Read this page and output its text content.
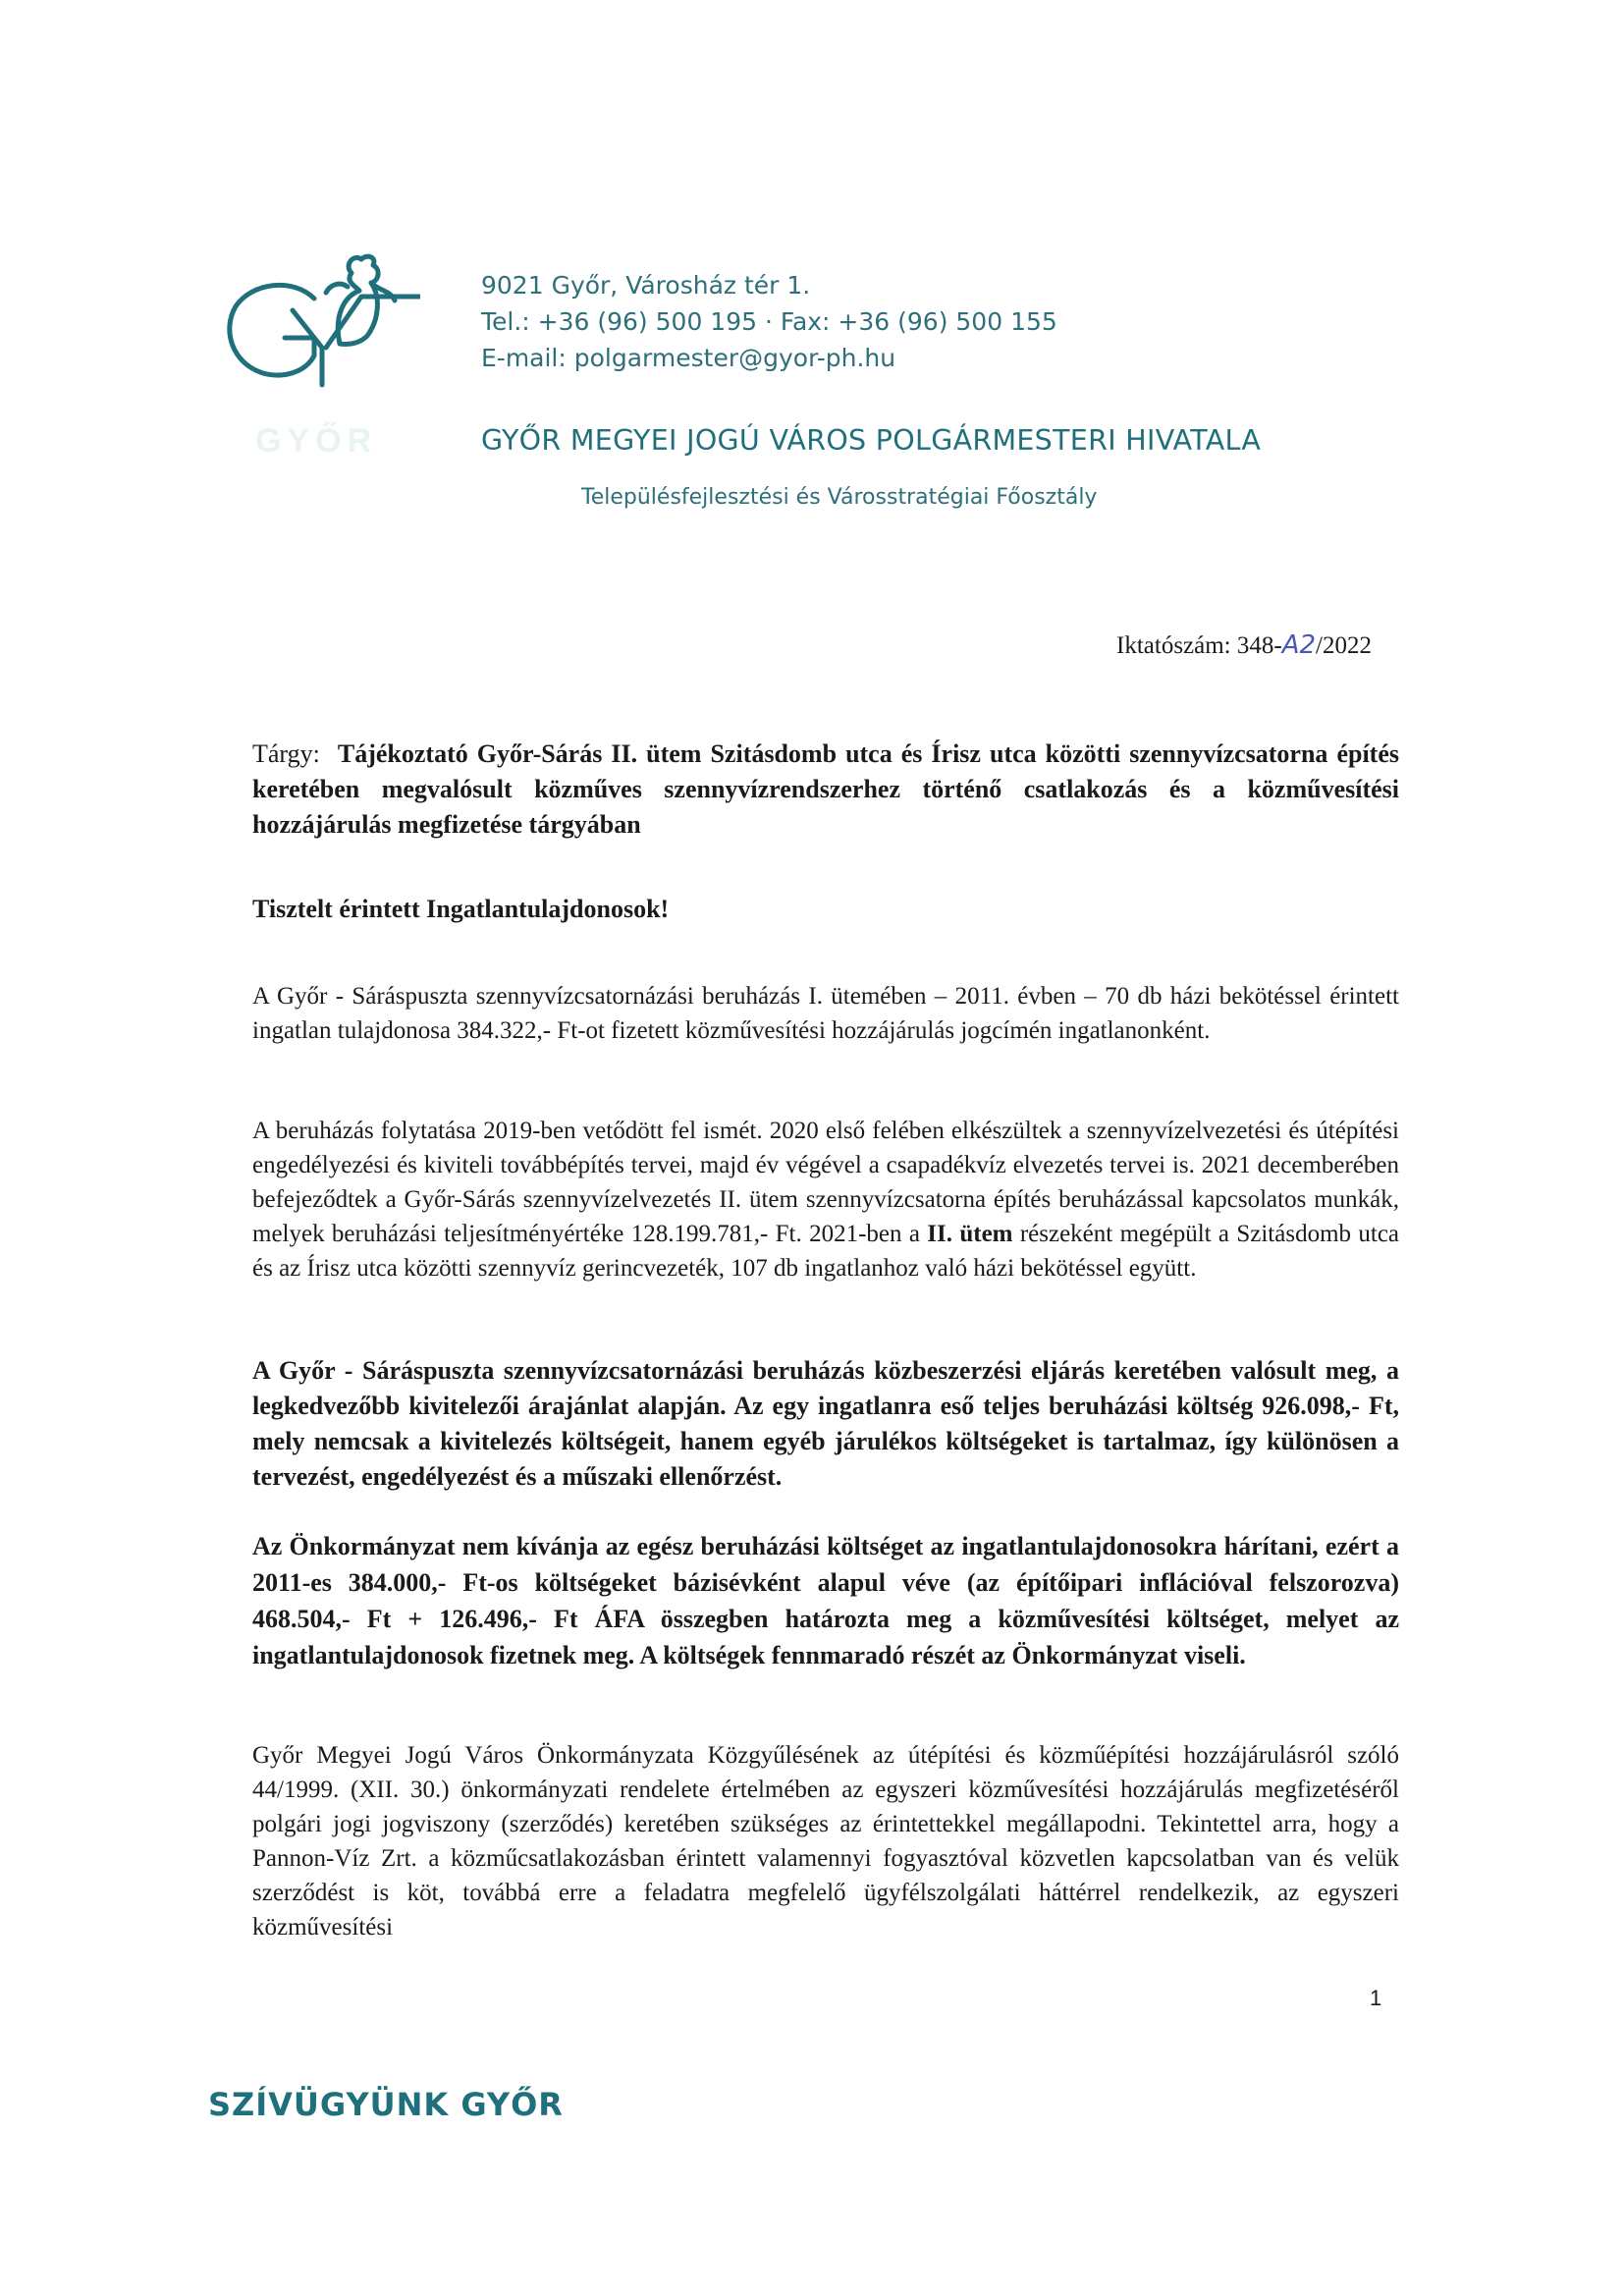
GYŐR
9021 Győr, Városház tér 1.
Tel.: +36 (96) 500 195 · Fax: +36 (96) 500 155
E-mail: polgarmester@gyor-ph.hu
GYŐR MEGYEI JOGÚ VÁROS POLGÁRMESTERI HIVATALA
Településfejlesztési és Városstratégiai Főosztály
Iktatószám: 348-A2/2022
Tárgy: Tájékoztató Győr-Sárás II. ütem Szitásdomb utca és Írisz utca közötti szennyvízcsatorna építés keretében megvalósult közműves szennyvízrendszerhez történő csatlakozás és a közművesítési hozzájárulás megfizetése tárgyában
Tisztelt érintett Ingatlantulajdonosok!
A Győr - Sáráspuszta szennyvízcsatornázási beruházás I. ütemében – 2011. évben – 70 db házi bekötéssel érintett ingatlan tulajdonosa 384.322,- Ft-ot fizetett közművesítési hozzájárulás jogcímén ingatlanonként.
A beruházás folytatása 2019-ben vetődött fel ismét. 2020 első felében elkészültek a szennyvízelvezetési és útépítési engedélyezési és kiviteli továbbépítés tervei, majd év végével a csapadékvíz elvezetés tervei is. 2021 decemberében befejeződtek a Győr-Sárás szennyvízelvezetés II. ütem szennyvízcsatorna építés beruházással kapcsolatos munkák, melyek beruházási teljesítményértéke 128.199.781,- Ft. 2021-ben a II. ütem részeként megépült a Szitásdomb utca és az Írisz utca közötti szennyvíz gerincvezeték, 107 db ingatlanhoz való házi bekötéssel együtt.
A Győr - Sáráspuszta szennyvízcsatornázási beruházás közbeszerzési eljárás keretében valósult meg, a legkedvezőbb kivitelezői árajánlat alapján. Az egy ingatlanra eső teljes beruházási költség 926.098,- Ft, mely nemcsak a kivitelezés költségeit, hanem egyéb járulékos költségeket is tartalmaz, így különösen a tervezést, engedélyezést és a műszaki ellenőrzést.
Az Önkormányzat nem kívánja az egész beruházási költséget az ingatlantulajdonosokra hárítani, ezért a 2011-es 384.000,- Ft-os költségeket bázisévként alapul véve (az építőipari inflációval felszorozva) 468.504,- Ft + 126.496,- Ft ÁFA összegben határozta meg a közművesítési költséget, melyet az ingatlantulajdonosok fizetnek meg. A költségek fennmaradó részét az Önkormányzat viseli.
Győr Megyei Jogú Város Önkormányzata Közgyűlésének az útépítési és közműépítési hozzájárulásról szóló 44/1999. (XII. 30.) önkormányzati rendelete értelmében az egyszeri közművesítési hozzájárulás megfizetéséről polgári jogi jogviszony (szerződés) keretében szükséges az érintettekkel megállapodni. Tekintettel arra, hogy a Pannon-Víz Zrt. a közműcsatlakozásban érintett valamennyi fogyasztóval közvetlen kapcsolatban van és velük szerződést is köt, továbbá erre a feladatra megfelelő ügyfélszolgálati háttérrel rendelkezik, az egyszeri közművesítési
1
SZÍVÜGYÜNK GYŐR
